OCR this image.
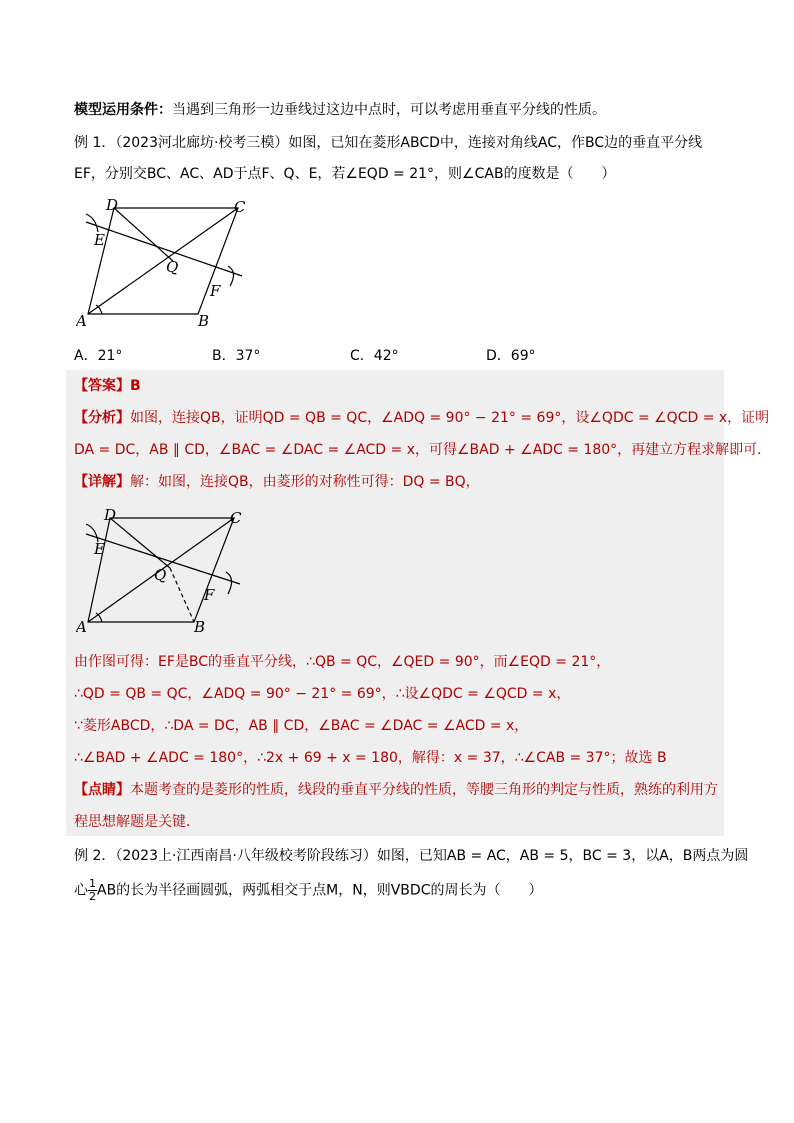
模型运用条件：当遇到三角形一边垂线过这边中点时，可以考虑用垂直平分线的性质。
例 1．（2023河北廊坊·校考三模）如图，已知在菱形ABCD中，连接对角线AC，作BC边的垂直平分线
EF，分别交BC、AC、AD于点F、Q、E，若∠EQD = 21°，则∠CAB的度数是（　　）
D	C
E
Q
F
A	B
A．21°	B．37°	C．42°	D．69°
【答案】B
【分析】如图，连接QB，证明QD = QB = QC，∠ADQ = 90° − 21° = 69°，设∠QDC = ∠QCD = x，证明
DA = DC，AB ∥ CD，∠BAC = ∠DAC = ∠ACD = x，可得∠BAD + ∠ADC = 180°，再建立方程求解即可．
【详解】解：如图，连接QB，由菱形的对称性可得：DQ = BQ，
D	C
E
Q
F
A	B
由作图可得：EF是BC的垂直平分线，∴QB = QC，∠QED = 90°，而∠EQD = 21°，
∴QD = QB = QC，∠ADQ = 90° − 21° = 69°，∴设∠QDC = ∠QCD = x，
∵菱形ABCD，∴DA = DC，AB ∥ CD，∠BAC = ∠DAC = ∠ACD = x，
∴∠BAD + ∠ADC = 180°，∴2x + 69 + x = 180，解得：x = 37，∴∠CAB = 37°；故选 B
【点睛】本题考查的是菱形的性质，线段的垂直平分线的性质，等腰三角形的判定与性质，熟练的利用方
程思想解题是关键．
例 2．（2023上·江西南昌·八年级校考阶段练习）如图，已知AB = AC，AB = 5，BC = 3，以A，B两点为圆
心 $\frac{1}{2}$ AB的长为半径画圆弧，两弧相交于点M，N，则VBDC的周长为（　　）
